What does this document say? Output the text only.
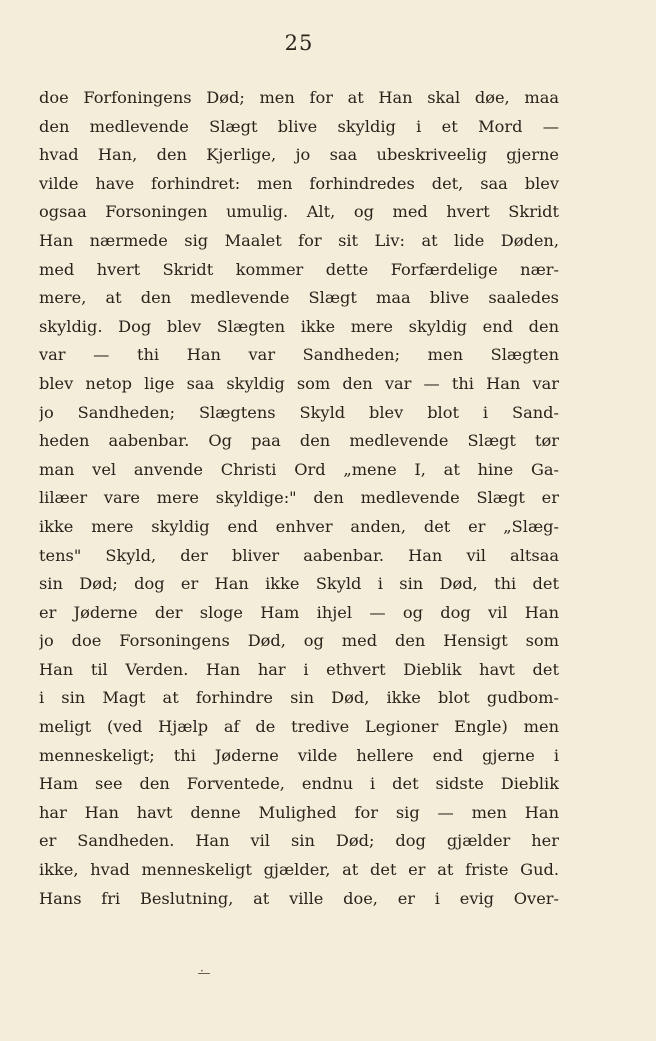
25
doe Forfoningens Død; men for at Han skal døe, maa
den medlevende Slægt blive skyldig i et Mord —
hvad Han, den Kjerlige, jo saa ubeskriveelig gjerne
vilde have forhindret: men forhindredes det, saa blev
ogsaa Forsoningen umulig. Alt, og med hvert Skridt
Han nærmede sig Maalet for sit Liv: at lide Døden,
med hvert Skridt kommer dette Forfærdelige nær-
mere, at den medlevende Slægt maa blive saaledes
skyldig. Dog blev Slægten ikke mere skyldig end den
var — thi Han var Sandheden; men Slægten
blev netop lige saa skyldig som den var — thi Han var
jo Sandheden; Slægtens Skyld blev blot i Sand-
heden aabenbar. Og paa den medlevende Slægt tør
man vel anvende Christi Ord „mene I, at hine Ga-
lilæer vare mere skyldige:" den medlevende Slægt er
ikke mere skyldig end enhver anden, det er „Slæg-
tens" Skyld, der bliver aabenbar. Han vil altsaa
sin Død; dog er Han ikke Skyld i sin Død, thi det
er Jøderne der sloge Ham ihjel — og dog vil Han
jo doe Forsoningens Død, og med den Hensigt som
Han til Verden. Han har i ethvert Dieblik havt det
i sin Magt at forhindre sin Død, ikke blot gudbom-
meligt (ved Hjælp af de tredive Legioner Engle) men
menneskeligt; thi Jøderne vilde hellere end gjerne i
Ham see den Forventede, endnu i det sidste Dieblik
har Han havt denne Mulighed for sig — men Han
er Sandheden. Han vil sin Død; dog gjælder her
ikke, hvad menneskeligt gjælder, at det er at friste Gud.
Hans fri Beslutning, at ville doe, er i evig Over-
·
